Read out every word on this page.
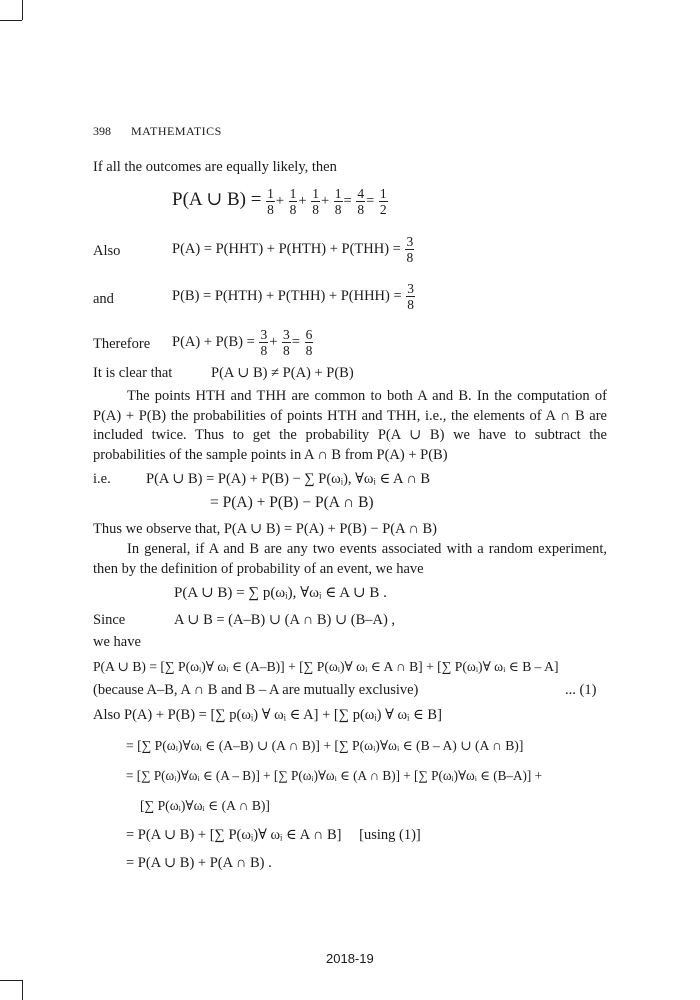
398 MATHEMATICS
If all the outcomes are equally likely, then
P(A ∪ $B) = \frac{1}{8} + \frac{1}{8} + \frac{1}{8} + \frac{1}{8} = \frac{4}{8} = \frac{1}{2}$
Also	$P(A) = P(HHT) + P(HTH) + P(THH) = \frac{3}{8}$
and	$P(B) = P(HTH) + P(THH) + P(HHH) = \frac{3}{8}$
Therefore $P(A) + P(B) = \frac{3}{8} + \frac{3}{8} = \frac{6}{8}$
It is clear that	P(A ∪ B) ≠ P(A) + P(B)
The points HTH and THH are common to both A and B. In the computation of P(A) + P(B) the probabilities of points HTH and THH, i.e., the elements of A ∩ B are included twice. Thus to get the probability P(A ∪ B) we have to subtract the probabilities of the sample points in A ∩ B from P(A) + P(B)
i.e. P(A ∪ B) = P(A) + P(B) − ∑ P(ωᵢ), ∀ωᵢ ∈ A ∩ B
= P(A) + P(B) − P(A ∩ B)
Thus we observe that, P(A ∪ B) = P(A) + P(B) − P(A ∩ B)
In general, if A and B are any two events associated with a random experiment, then by the definition of probability of an event, we have
P(A ∪ B) = ∑ p(ωᵢ), ∀ωᵢ ∈ A ∪ B .
Since	A ∪ B = (A–B) ∪ (A ∩ B) ∪ (B–A) ,
we have
P(A ∪ B) = [∑ P(ωᵢ)∀ ωᵢ ∈ (A–B)] + [∑ P(ωᵢ)∀ ωᵢ ∈ A ∩ B] + [∑ P(ωᵢ)∀ ωᵢ ∈ B – A]
(because A–B, A ∩ B and B – A are mutually exclusive)	... (1)
Also P(A) + P(B) = [∑ p(ωᵢ) ∀ ωᵢ ∈ A] + [∑ p(ωᵢ) ∀ ωᵢ ∈ B]
= [∑ P(ωᵢ)∀ωᵢ ∈ (A–B) ∪ (A ∩ B)] + [∑ P(ωᵢ)∀ωᵢ ∈ (B – A) ∪ (A ∩ B)]
= [∑ P(ωᵢ)∀ωᵢ ∈ (A – B)] + [∑ P(ωᵢ)∀ωᵢ ∈ (A ∩ B)] + [∑ P(ωᵢ)∀ωᵢ ∈ (B–A)] +
[∑ P(ωᵢ)∀ωᵢ ∈ (A ∩ B)]
= P(A ∪ B) + [∑ P(ωᵢ)∀ ωᵢ ∈ A ∩ B] [using (1)]
= P(A ∪ B) + P(A ∩ B) .
2018-19
